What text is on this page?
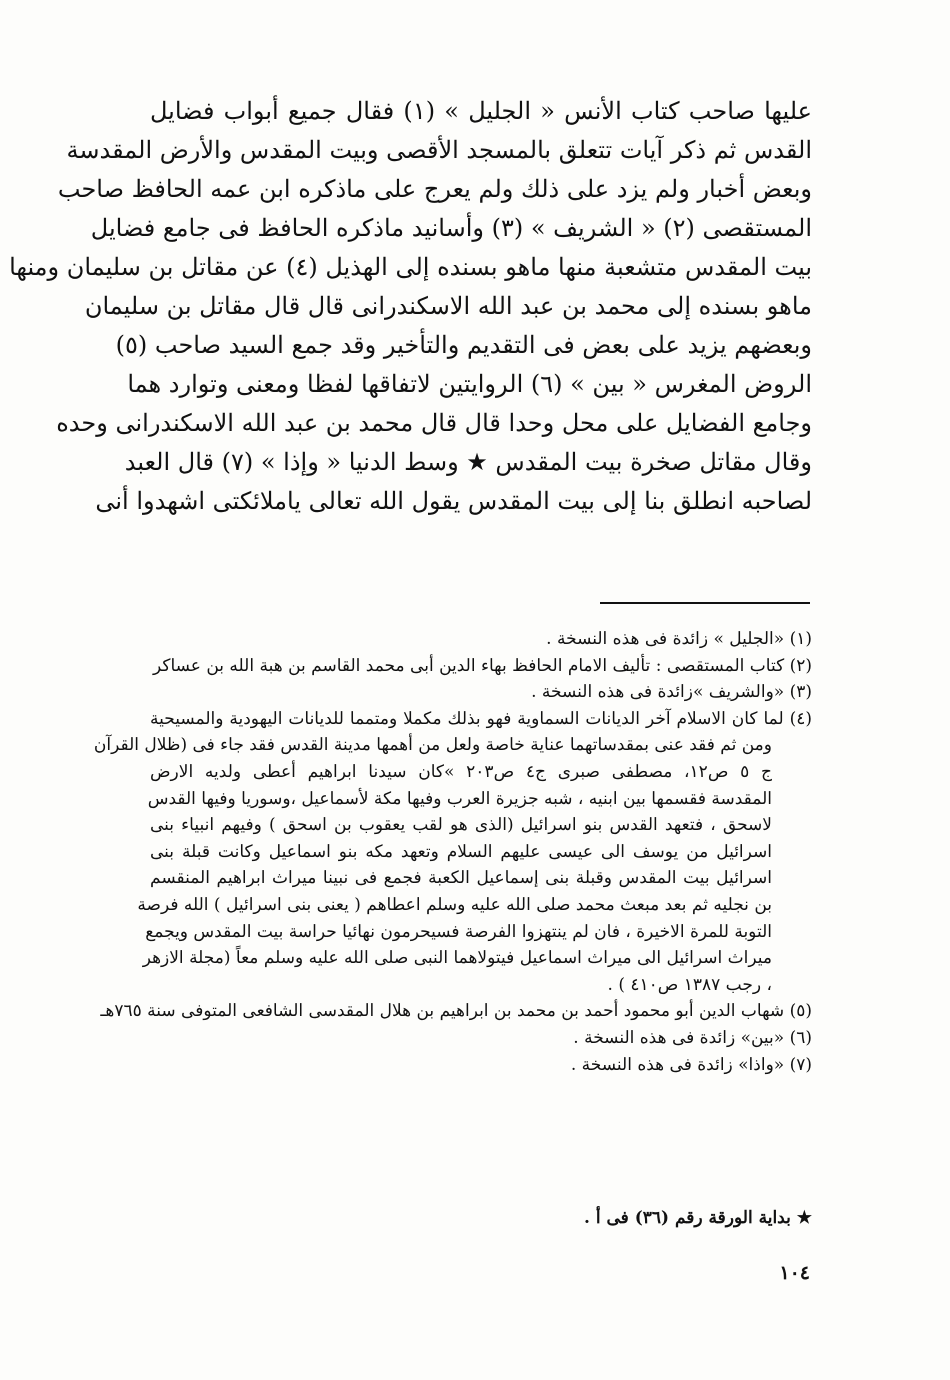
عليها صاحب كتاب الأنس « الجليل » (١) فقال جميع أبواب فضايل
القدس ثم ذكر آيات تتعلق بالمسجد الأقصى وبيت المقدس والأرض المقدسة
وبعض أخبار ولم يزد على ذلك ولم يعرج على ماذكره ابن عمه الحافظ صاحب
المستقصى (٢) « الشريف » (٣) وأسانيد ماذكره الحافظ فى جامع فضايل
بيت المقدس متشعبة منها ماهو بسنده إلى الهذيل (٤) عن مقاتل بن سليمان ومنها
ماهو بسنده إلى محمد بن عبد الله الاسكندرانى قال قال مقاتل بن سليمان
وبعضهم يزيد على بعض فى التقديم والتأخير وقد جمع السيد صاحب (٥)
الروض المغرس « بين » (٦) الروايتين لاتفاقها لفظا ومعنى وتوارد هما
وجامع الفضايل على محل وحدا قال قال محمد بن عبد الله الاسكندرانى وحده
وقال مقاتل صخرة بيت المقدس ★ وسط الدنيا « وإذا » (٧) قال العبد
لصاحبه انطلق بنا إلى بيت المقدس يقول الله تعالى ياملائكتى اشهدوا أنى
(١) «الجليل » زائدة فى هذه النسخة .
(٢) كتاب المستقصى : تأليف الامام الحافظ بهاء الدين أبى محمد القاسم بن هبة الله بن عساكر
(٣) «والشريف »زائدة فى هذه النسخة .
(٤) لما كان الاسلام آخر الديانات السماوية فهو بذلك مكملا ومتمما للديانات اليهودية والمسيحية
ومن ثم فقد عنى بمقدساتهما عناية خاصة ولعل من أهمها مدينة القدس فقد جاء فى (ظلال القرآن
ج ٥ ص١٢، مصطفى صبرى ج٤ ص٢٠٣ »كان سيدنا ابراهيم أعطى ولديه الارض
المقدسة فقسمها بين ابنيه ، شبه جزيرة العرب وفيها مكة لأسماعيل ،وسوريا وفيها القدس
لاسحق ، فتعهد القدس بنو اسرائيل (الذى هو لقب يعقوب بن اسحق ) وفيهم انبياء بنى
اسرائيل من يوسف الى عيسى عليهم السلام وتعهد مكه بنو اسماعيل وكانت قبلة بنى
اسرائيل بيت المقدس وقبلة بنى إسماعيل الكعبة فجمع فى نبينا ميراث ابراهيم المنقسم
بن نجليه ثم بعد مبعث محمد صلى الله عليه وسلم اعطاهم ( يعنى بنى اسرائيل ) الله فرصة
التوبة للمرة الاخيرة ، فان لم ينتهزوا الفرصة فسيحرمون نهائيا حراسة بيت المقدس ويجمع
ميراث اسرائيل الى ميراث اسماعيل فيتولاهما النبى صلى الله عليه وسلم معاً (مجلة الازهر
، رجب ١٣٨٧ ص٤١٠ ) .
(٥) شهاب الدين أبو محمود أحمد بن محمد بن ابراهيم بن هلال المقدسى الشافعى المتوفى سنة ٧٦٥هـ
(٦) «بين» زائدة فى هذه النسخة .
(٧) «واذا» زائدة فى هذه النسخة .
★ بداية الورقة رقم (٣٦) فى أ .
١٠٤
